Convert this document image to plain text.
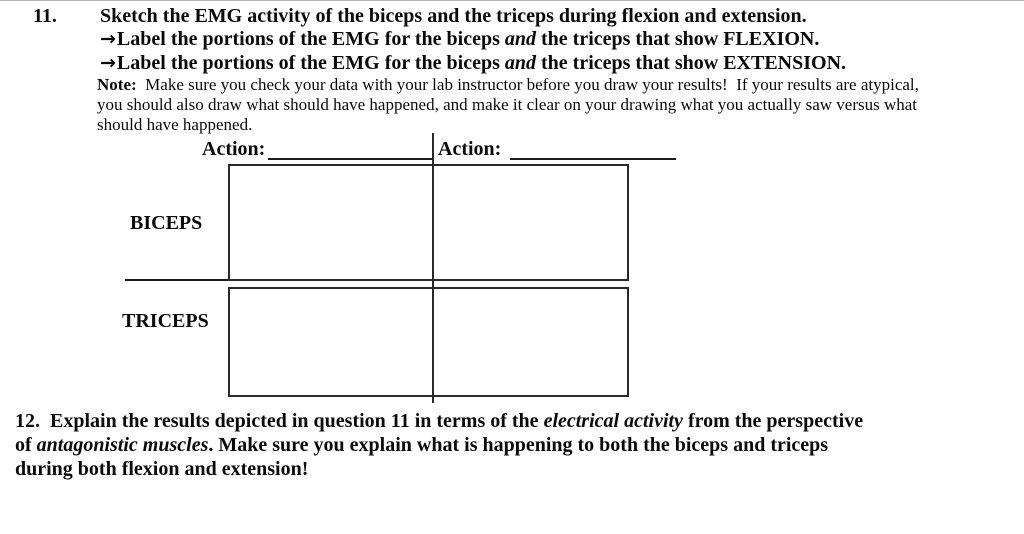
11. Sketch the EMG activity of the biceps and the triceps during flexion and extension.
→Label the portions of the EMG for the biceps and the triceps that show FLEXION.
→Label the portions of the EMG for the biceps and the triceps that show EXTENSION.
Note:  Make sure you check your data with your lab instructor before you draw your results!  If your results are atypical,
you should also draw what should have happened, and make it clear on your drawing what you actually saw versus what
should have happened.
Action:	Action:
BICEPS
TRICEPS
12.  Explain the results depicted in question 11 in terms of the electrical activity from the perspective
of antagonistic muscles. Make sure you explain what is happening to both the biceps and triceps
during both flexion and extension!
